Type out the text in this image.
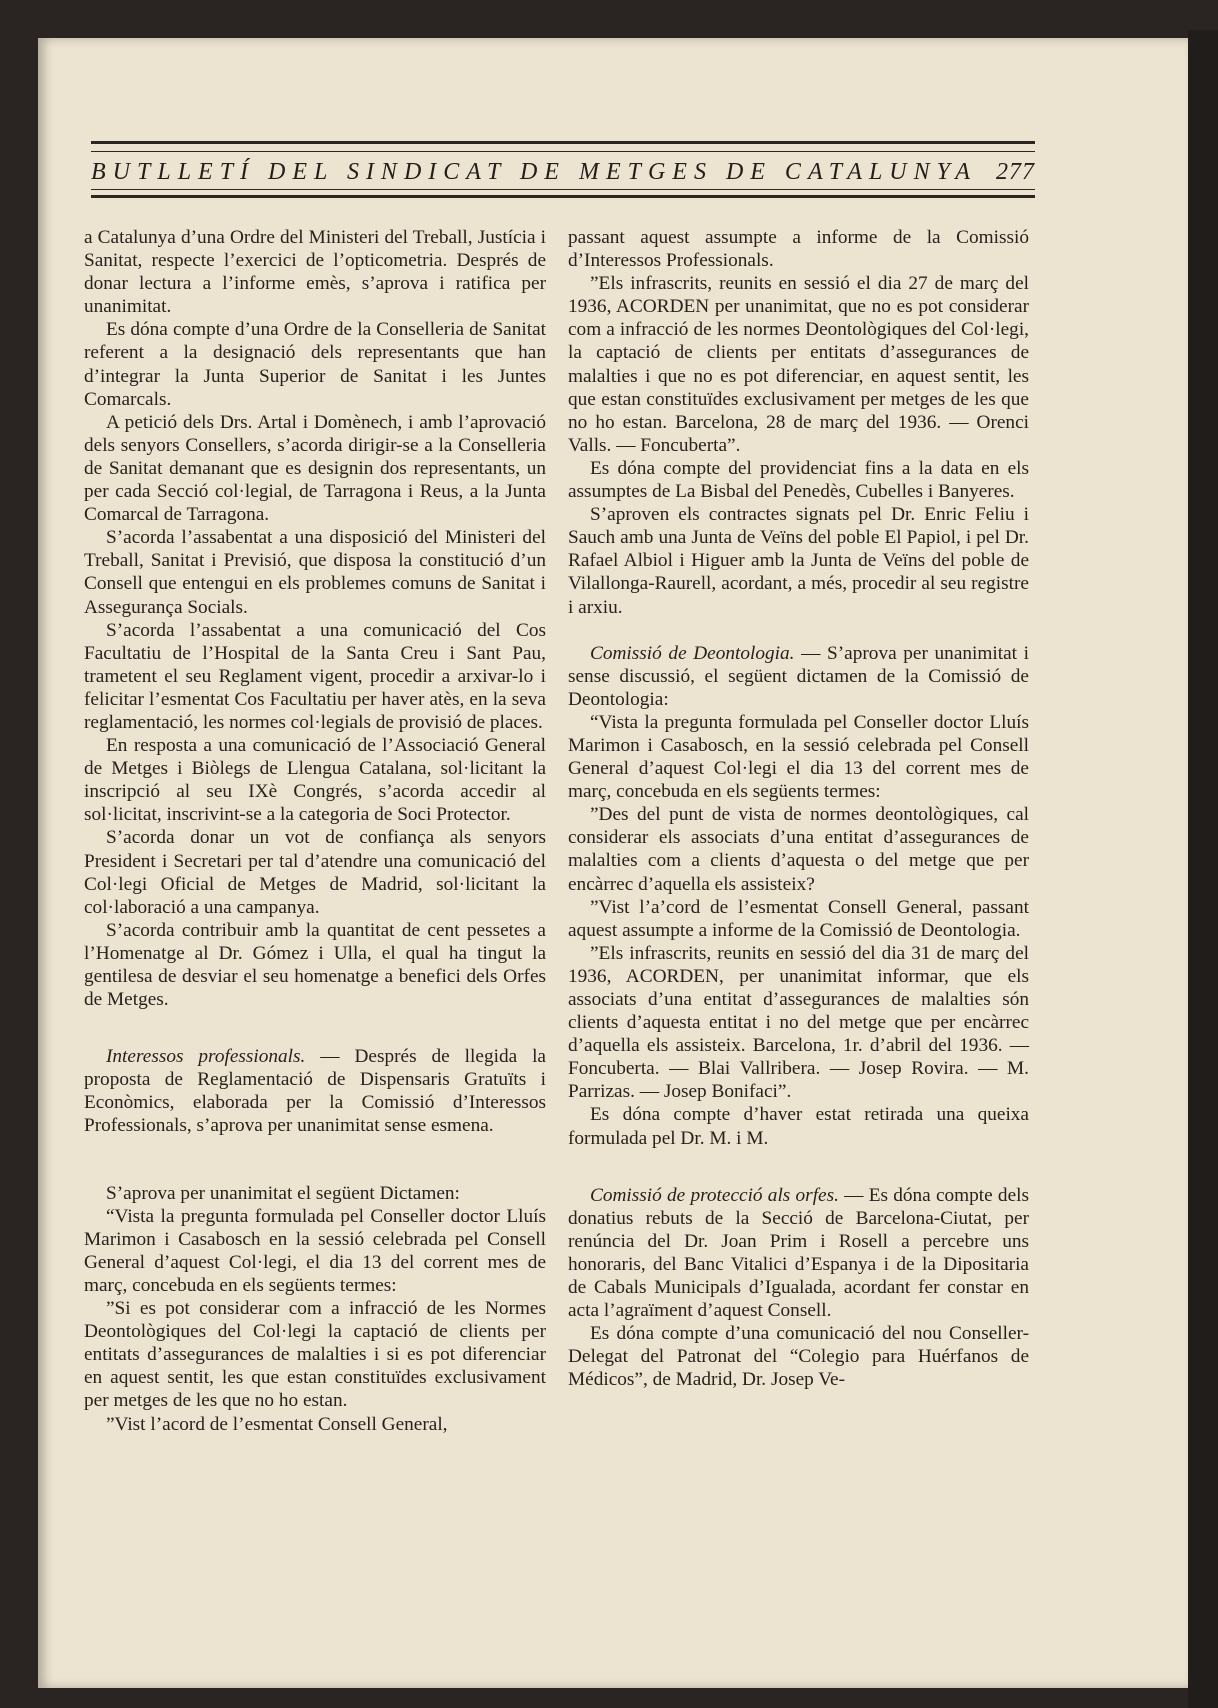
BUTLLETÍ DEL SINDICAT DE METGES DE CATALUNYA 277

a Catalunya d’una Ordre del Ministeri del Treball, Justícia i Sanitat, respecte l’exercici de l’opticometria. Després de donar lectura a l’informe emès, s’aprova i ratifica per unanimitat.

Es dóna compte d’una Ordre de la Conselleria de Sanitat referent a la designació dels representants que han d’integrar la Junta Superior de Sanitat i les Juntes Comarcals.

A petició dels Drs. Artal i Domènech, i amb l’aprovació dels senyors Consellers, s’acorda dirigir-se a la Conselleria de Sanitat demanant que es designin dos representants, un per cada Secció col·legial, de Tarragona i Reus, a la Junta Comarcal de Tarragona.

S’acorda l’assabentat a una disposició del Ministeri del Treball, Sanitat i Previsió, que disposa la constitució d’un Consell que entengui en els problemes comuns de Sanitat i Assegurança Socials.

S’acorda l’assabentat a una comunicació del Cos Facultatiu de l’Hospital de la Santa Creu i Sant Pau, trametent el seu Reglament vigent, procedir a arxivar-lo i felicitar l’esmentat Cos Facultatiu per haver atès, en la seva reglamentació, les normes col·legials de provisió de places.

En resposta a una comunicació de l’Associació General de Metges i Biòlegs de Llengua Catalana, sol·licitant la inscripció al seu IXè Congrés, s’acorda accedir al sol·licitat, inscrivint-se a la categoria de Soci Protector.

S’acorda donar un vot de confiança als senyors President i Secretari per tal d’atendre una comunicació del Col·legi Oficial de Metges de Madrid, sol·licitant la col·laboració a una campanya.

S’acorda contribuir amb la quantitat de cent pessetes a l’Homenatge al Dr. Gómez i Ulla, el qual ha tingut la gentilesa de desviar el seu homenatge a benefici dels Orfes de Metges.

Interessos professionals. — Després de llegida la proposta de Reglamentació de Dispensaris Gratuïts i Econòmics, elaborada per la Comissió d’Interessos Professionals, s’aprova per unanimitat sense esmena.

S’aprova per unanimitat el següent Dictamen:

“Vista la pregunta formulada pel Conseller doctor Lluís Marimon i Casabosch en la sessió celebrada pel Consell General d’aquest Col·legi, el dia 13 del corrent mes de març, concebuda en els següents termes:

”Si es pot considerar com a infracció de les Normes Deontològiques del Col·legi la captació de clients per entitats d’assegurances de malalties i si es pot diferenciar en aquest sentit, les que estan constituïdes exclusivament per metges de les que no ho estan.

”Vist l’acord de l’esmentat Consell General,

passant aquest assumpte a informe de la Comissió d’Interessos Professionals.

”Els infrascrits, reunits en sessió el dia 27 de març del 1936, ACORDEN per unanimitat, que no es pot considerar com a infracció de les normes Deontològiques del Col·legi, la captació de clients per entitats d’assegurances de malalties i que no es pot diferenciar, en aquest sentit, les que estan constituïdes exclusivament per metges de les que no ho estan. Barcelona, 28 de març del 1936. — Orenci Valls. — Foncuberta”.

Es dóna compte del providenciat fins a la data en els assumptes de La Bisbal del Penedès, Cubelles i Banyeres.

S’aproven els contractes signats pel Dr. Enric Feliu i Sauch amb una Junta de Veïns del poble El Papiol, i pel Dr. Rafael Albiol i Higuer amb la Junta de Veïns del poble de Vilallonga-Raurell, acordant, a més, procedir al seu registre i arxiu.

Comissió de Deontologia. — S’aprova per unanimitat i sense discussió, el següent dictamen de la Comissió de Deontologia:

“Vista la pregunta formulada pel Conseller doctor Lluís Marimon i Casabosch, en la sessió celebrada pel Consell General d’aquest Col·legi el dia 13 del corrent mes de març, concebuda en els següents termes:

”Des del punt de vista de normes deontològiques, cal considerar els associats d’una entitat d’assegurances de malalties com a clients d’aquesta o del metge que per encàrrec d’aquella els assisteix?

”Vist l’a’cord de l’esmentat Consell General, passant aquest assumpte a informe de la Comissió de Deontologia.

”Els infrascrits, reunits en sessió del dia 31 de març del 1936, ACORDEN, per unanimitat informar, que els associats d’una entitat d’assegurances de malalties són clients d’aquesta entitat i no del metge que per encàrrec d’aquella els assisteix. Barcelona, 1r. d’abril del 1936. — Foncuberta. — Blai Vallribera. — Josep Rovira. — M. Parrizas. — Josep Bonifaci”.

Es dóna compte d’haver estat retirada una queixa formulada pel Dr. M. i M.

Comissió de protecció als orfes. — Es dóna compte dels donatius rebuts de la Secció de Barcelona-Ciutat, per renúncia del Dr. Joan Prim i Rosell a percebre uns honoraris, del Banc Vitalici d’Espanya i de la Dipositaria de Cabals Municipals d’Igualada, acordant fer constar en acta l’agraïment d’aquest Consell.

Es dóna compte d’una comunicació del nou Conseller-Delegat del Patronat del “Colegio para Huérfanos de Médicos”, de Madrid, Dr. Josep Ve-
